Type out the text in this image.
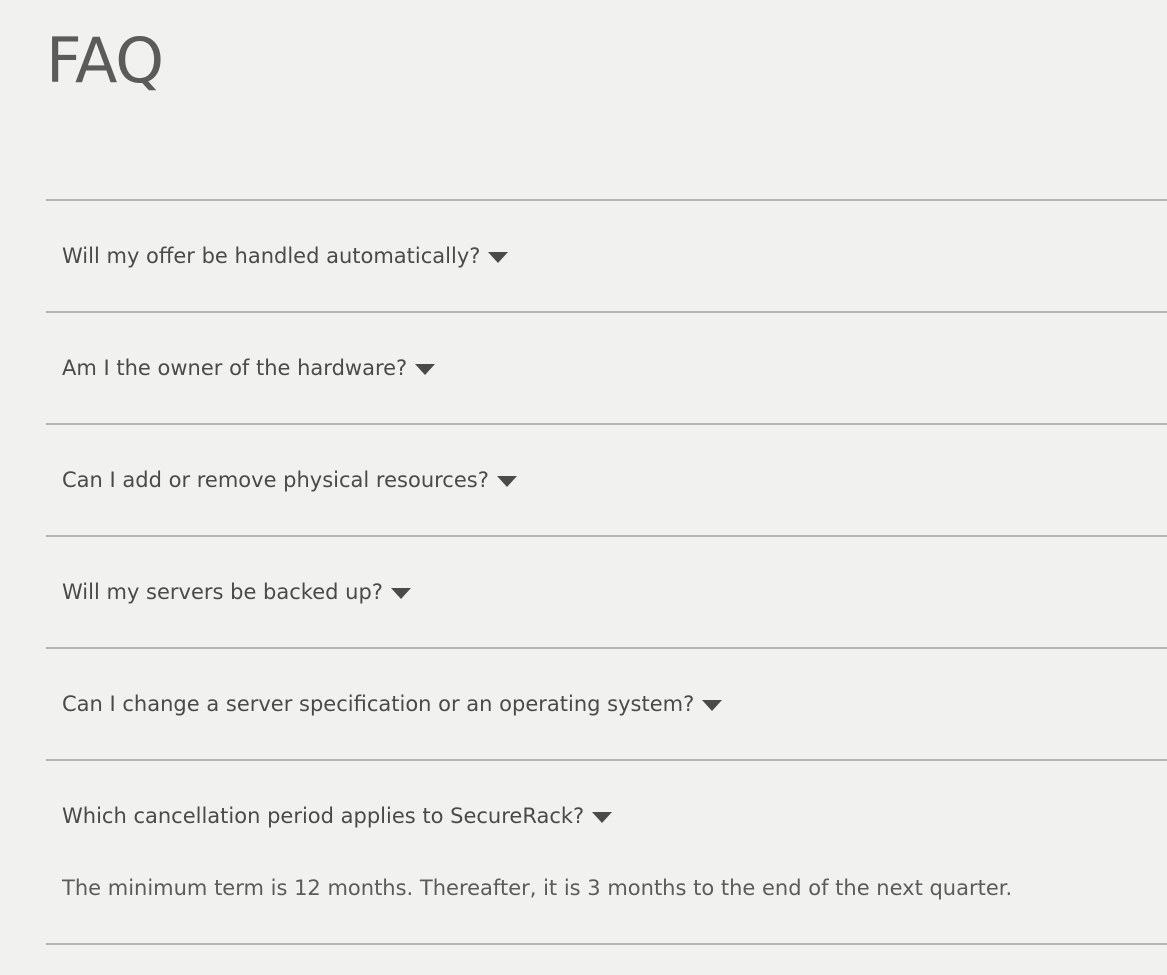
FAQ
Will my offer be handled automatically?
Am I the owner of the hardware?
Can I add or remove physical resources?
Will my servers be backed up?
Can I change a server specification or an operating system?
Which cancellation period applies to SecureRack?
The minimum term is 12 months. Thereafter, it is 3 months to the end of the next quarter.
